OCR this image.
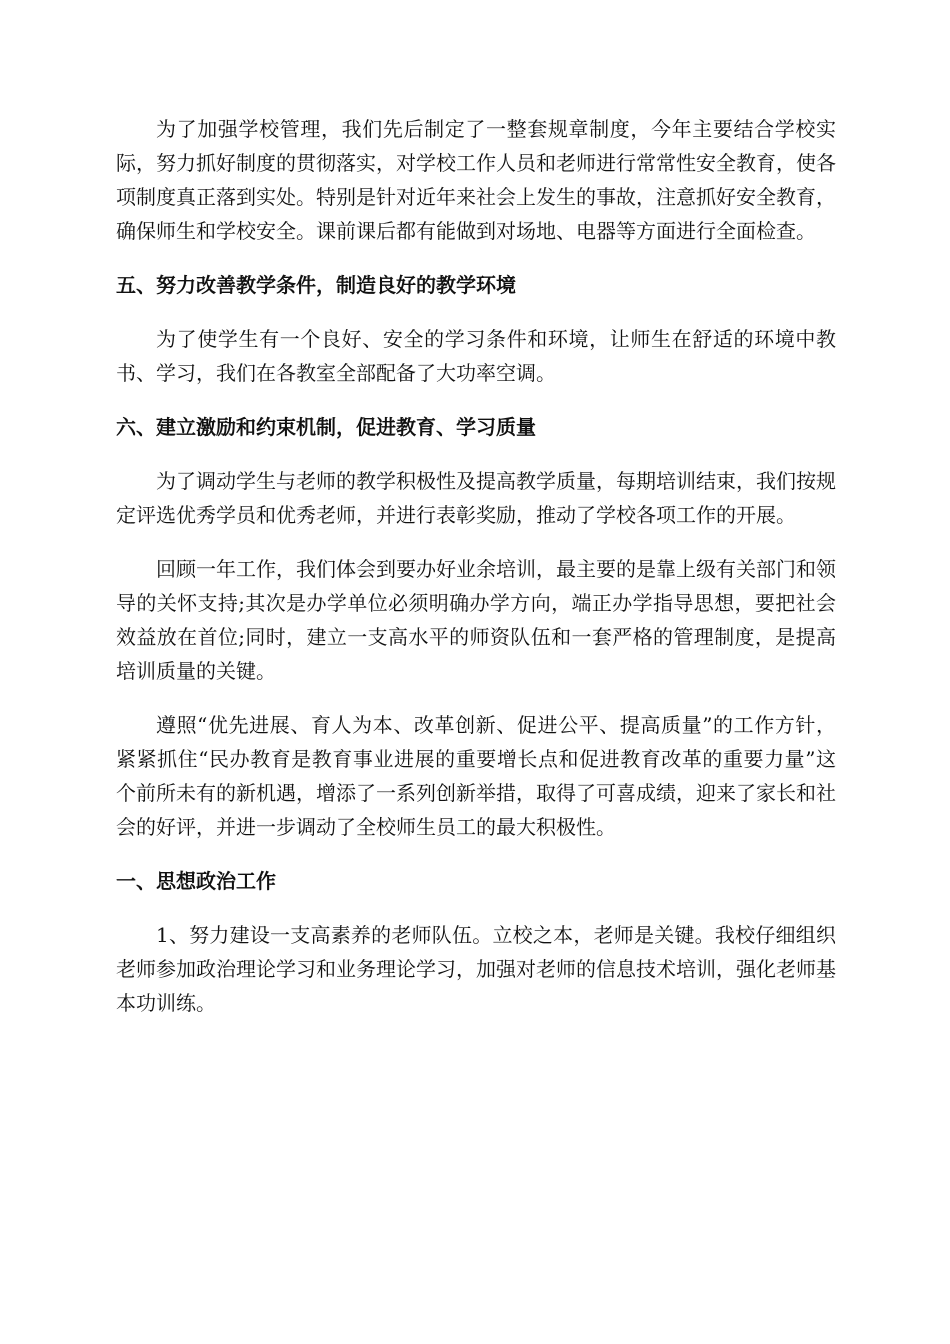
为了加强学校管理，我们先后制定了一整套规章制度，今年主要结合学校实际，努力抓好制度的贯彻落实，对学校工作人员和老师进行常常性安全教育，使各项制度真正落到实处。特别是针对近年来社会上发生的事故，注意抓好安全教育，确保师生和学校安全。课前课后都有能做到对场地、电器等方面进行全面检查。

五、努力改善教学条件，制造良好的教学环境

为了使学生有一个良好、安全的学习条件和环境，让师生在舒适的环境中教书、学习，我们在各教室全部配备了大功率空调。

六、建立激励和约束机制，促进教育、学习质量

为了调动学生与老师的教学积极性及提高教学质量，每期培训结束，我们按规定评选优秀学员和优秀老师，并进行表彰奖励，推动了学校各项工作的开展。

回顾一年工作，我们体会到要办好业余培训，最主要的是靠上级有关部门和领导的关怀支持;其次是办学单位必须明确办学方向，端正办学指导思想，要把社会效益放在首位;同时，建立一支高水平的师资队伍和一套严格的管理制度，是提高培训质量的关键。

遵照“优先进展、育人为本、改革创新、促进公平、提高质量”的工作方针，紧紧抓住“民办教育是教育事业进展的重要增长点和促进教育改革的重要力量”这个前所未有的新机遇，增添了一系列创新举措，取得了可喜成绩，迎来了家长和社会的好评，并进一步调动了全校师生员工的最大积极性。

一、思想政治工作

1、努力建设一支高素养的老师队伍。立校之本，老师是关键。我校仔细组织老师参加政治理论学习和业务理论学习，加强对老师的信息技术培训，强化老师基本功训练。
